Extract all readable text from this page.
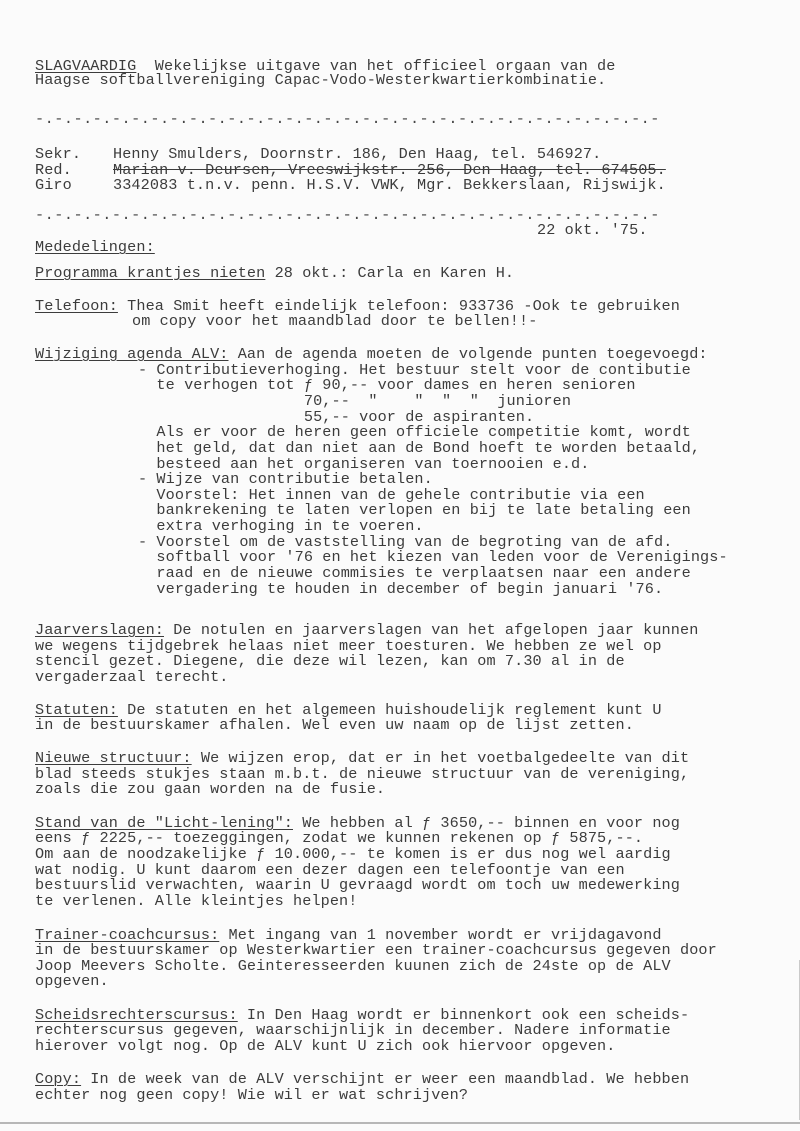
SLAGVAARDIG  Wekelijkse uitgave van het officieel orgaan van de
Haagse softballvereniging Capac-Vodo-Westerkwartierkombinatie.
-.-.-.-.-.-.-.-.-.-.-.-.-.-.-.-.-.-.-.-.-.-.-.-.-.-.-.-.-.-.-.-.-
Sekr. Henny Smulders, Doornstr. 186, Den Haag, tel. 546927.
Red.	Marian v. Deursen, Vreeswijkstr. 256, Den Haag, tel. 674505.
Giro	3342083 t.n.v. penn. H.S.V. VWK, Mgr. Bekkerslaan, Rijswijk.
-.-.-.-.-.-.-.-.-.-.-.-.-.-.-.-.-.-.-.-.-.-.-.-.-.-.-.-.-.-.-.-.-
22 okt. '75.
Mededelingen:
Programma krantjes nieten 28 okt.: Carla en Karen H.
Telefoon: Thea Smit heeft eindelijk telefoon: 933736 -Ook te gebruiken
om copy voor het maandblad door te bellen!!-
Wijziging agenda ALV: Aan de agenda moeten de volgende punten toegevoegd:
- Contributieverhoging. Het bestuur stelt voor de contibutie
te verhogen tot ƒ 90,-- voor dames en heren senioren
70,--  "    "  "  "  junioren
55,-- voor de aspiranten.
Als er voor de heren geen officiele competitie komt, wordt
het geld, dat dan niet aan de Bond hoeft te worden betaald,
besteed aan het organiseren van toernooien e.d.
- Wijze van contributie betalen.
Voorstel: Het innen van de gehele contributie via een
bankrekening te laten verlopen en bij te late betaling een
extra verhoging in te voeren.
- Voorstel om de vaststelling van de begroting van de afd.
softball voor '76 en het kiezen van leden voor de Verenigings-
raad en de nieuwe commisies te verplaatsen naar een andere
vergadering te houden in december of begin januari '76.
Jaarverslagen: De notulen en jaarverslagen van het afgelopen jaar kunnen
we wegens tijdgebrek helaas niet meer toesturen. We hebben ze wel op
stencil gezet. Diegene, die deze wil lezen, kan om 7.30 al in de
vergaderzaal terecht.
Statuten: De statuten en het algemeen huishoudelijk reglement kunt U
in de bestuurskamer afhalen. Wel even uw naam op de lijst zetten.
Nieuwe structuur: We wijzen erop, dat er in het voetbalgedeelte van dit
blad steeds stukjes staan m.b.t. de nieuwe structuur van de vereniging,
zoals die zou gaan worden na de fusie.
Stand van de "Licht-lening": We hebben al ƒ 3650,-- binnen en voor nog
eens ƒ 2225,-- toezeggingen, zodat we kunnen rekenen op ƒ 5875,--.
Om aan de noodzakelijke ƒ 10.000,-- te komen is er dus nog wel aardig
wat nodig. U kunt daarom een dezer dagen een telefoontje van een
bestuurslid verwachten, waarin U gevraagd wordt om toch uw medewerking
te verlenen. Alle kleintjes helpen!
Trainer-coachcursus: Met ingang van 1 november wordt er vrijdagavond
in de bestuurskamer op Westerkwartier een trainer-coachcursus gegeven door
Joop Meevers Scholte. Geinteresseerden kuunen zich de 24ste op de ALV
opgeven.
Scheidsrechterscursus: In Den Haag wordt er binnenkort ook een scheids-
rechterscursus gegeven, waarschijnlijk in december. Nadere informatie
hierover volgt nog. Op de ALV kunt U zich ook hiervoor opgeven.
Copy: In de week van de ALV verschijnt er weer een maandblad. We hebben
echter nog geen copy! Wie wil er wat schrijven?
